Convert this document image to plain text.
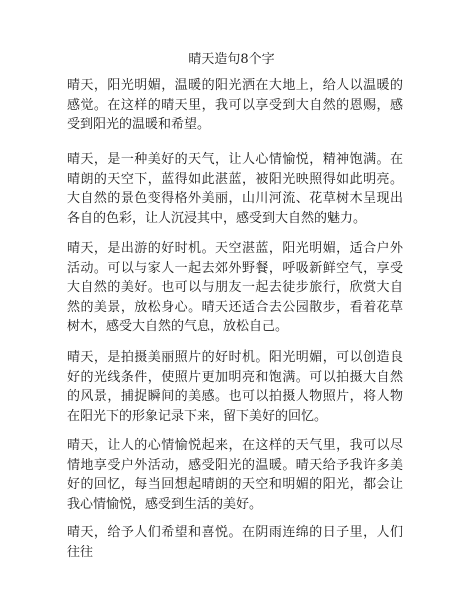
晴天造句8个字

晴天，阳光明媚，温暖的阳光洒在大地上，给人以温暖的感觉。在这样的晴天里，我可以享受到大自然的恩赐，感受到阳光的温暖和希望。

晴天，是一种美好的天气，让人心情愉悦，精神饱满。在晴朗的天空下，蓝得如此湛蓝，被阳光映照得如此明亮。大自然的景色变得格外美丽，山川河流、花草树木呈现出各自的色彩，让人沉浸其中，感受到大自然的魅力。

晴天，是出游的好时机。天空湛蓝，阳光明媚，适合户外活动。可以与家人一起去郊外野餐，呼吸新鲜空气，享受大自然的美好。也可以与朋友一起去徒步旅行，欣赏大自然的美景，放松身心。晴天还适合去公园散步，看着花草树木，感受大自然的气息，放松自己。

晴天，是拍摄美丽照片的好时机。阳光明媚，可以创造良好的光线条件，使照片更加明亮和饱满。可以拍摄大自然的风景，捕捉瞬间的美感。也可以拍摄人物照片，将人物在阳光下的形象记录下来，留下美好的回忆。

晴天，让人的心情愉悦起来，在这样的天气里，我可以尽情地享受户外活动，感受阳光的温暖。晴天给予我许多美好的回忆，每当回想起晴朗的天空和明媚的阳光，都会让我心情愉悦，感受到生活的美好。

晴天，给予人们希望和喜悦。在阴雨连绵的日子里，人们往往
